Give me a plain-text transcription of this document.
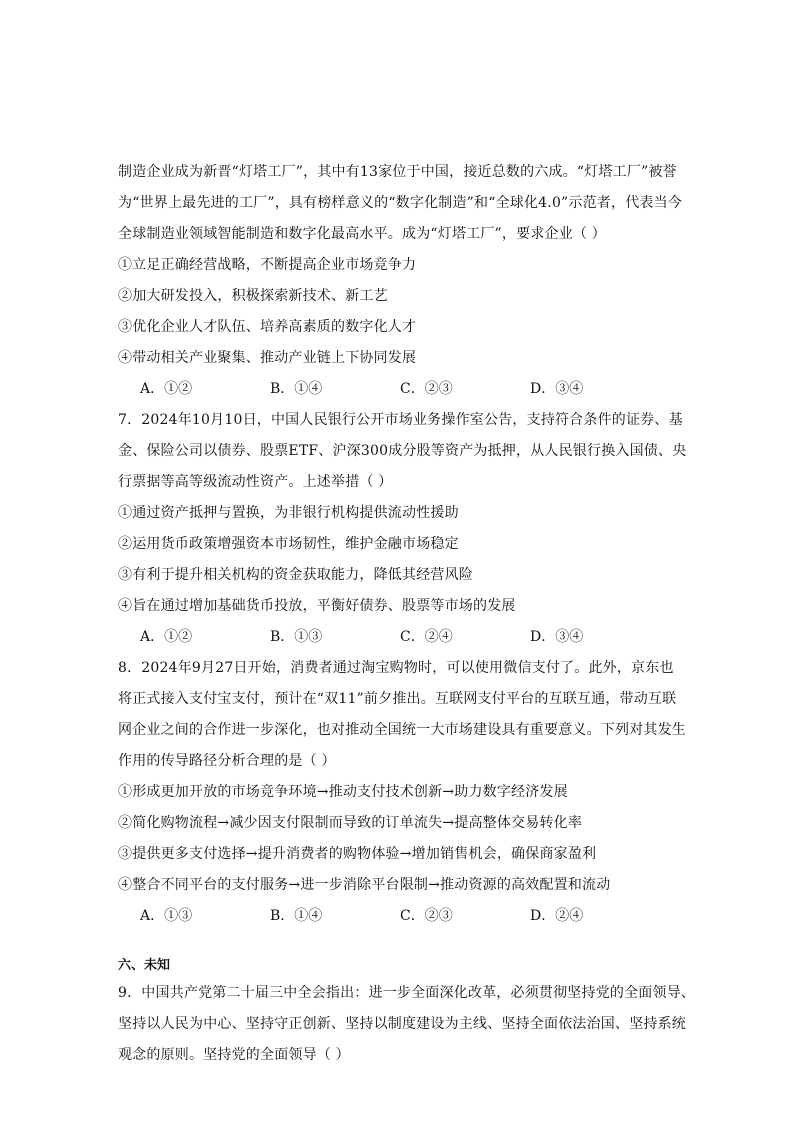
制造企业成为新晋“灯塔工厂”，其中有13家位于中国，接近总数的六成。“灯塔工厂”被誉
为“世界上最先进的工厂”，具有榜样意义的“数字化制造”和“全球化4.0”示范者，代表当今
全球制造业领域智能制造和数字化最高水平。成为“灯塔工厂”，要求企业（ ）
①立足正确经营战略，不断提高企业市场竞争力
②加大研发投入，积极探索新技术、新工艺
③优化企业人才队伍、培养高素质的数字化人才
④带动相关产业聚集、推动产业链上下协同发展
A．①②	B．①④	C．②③	D．③④
7．2024年10月10日，中国人民银行公开市场业务操作室公告，支持符合条件的证券、基
金、保险公司以债券、股票ETF、沪深300成分股等资产为抵押，从人民银行换入国债、央
行票据等高等级流动性资产。上述举措（ ）
①通过资产抵押与置换，为非银行机构提供流动性援助
②运用货币政策增强资本市场韧性，维护金融市场稳定
③有利于提升相关机构的资金获取能力，降低其经营风险
④旨在通过增加基础货币投放，平衡好债券、股票等市场的发展
A．①②	B．①③	C．②④	D．③④
8．2024年9月27日开始，消费者通过淘宝购物时，可以使用微信支付了。此外，京东也
将正式接入支付宝支付，预计在“双11”前夕推出。互联网支付平台的互联互通，带动互联
网企业之间的合作进一步深化，也对推动全国统一大市场建设具有重要意义。下列对其发生
作用的传导路径分析合理的是（ ）
①形成更加开放的市场竞争环境→推动支付技术创新→助力数字经济发展
②简化购物流程→减少因支付限制而导致的订单流失→提高整体交易转化率
③提供更多支付选择→提升消费者的购物体验→增加销售机会，确保商家盈利
④整合不同平台的支付服务→进一步消除平台限制→推动资源的高效配置和流动
A．①③	B．①④	C．②③	D．②④
六、未知
9．中国共产党第二十届三中全会指出：进一步全面深化改革，必须贯彻坚持党的全面领导、
坚持以人民为中心、坚持守正创新、坚持以制度建设为主线、坚持全面依法治国、坚持系统
观念的原则。坚持党的全面领导（ ）
